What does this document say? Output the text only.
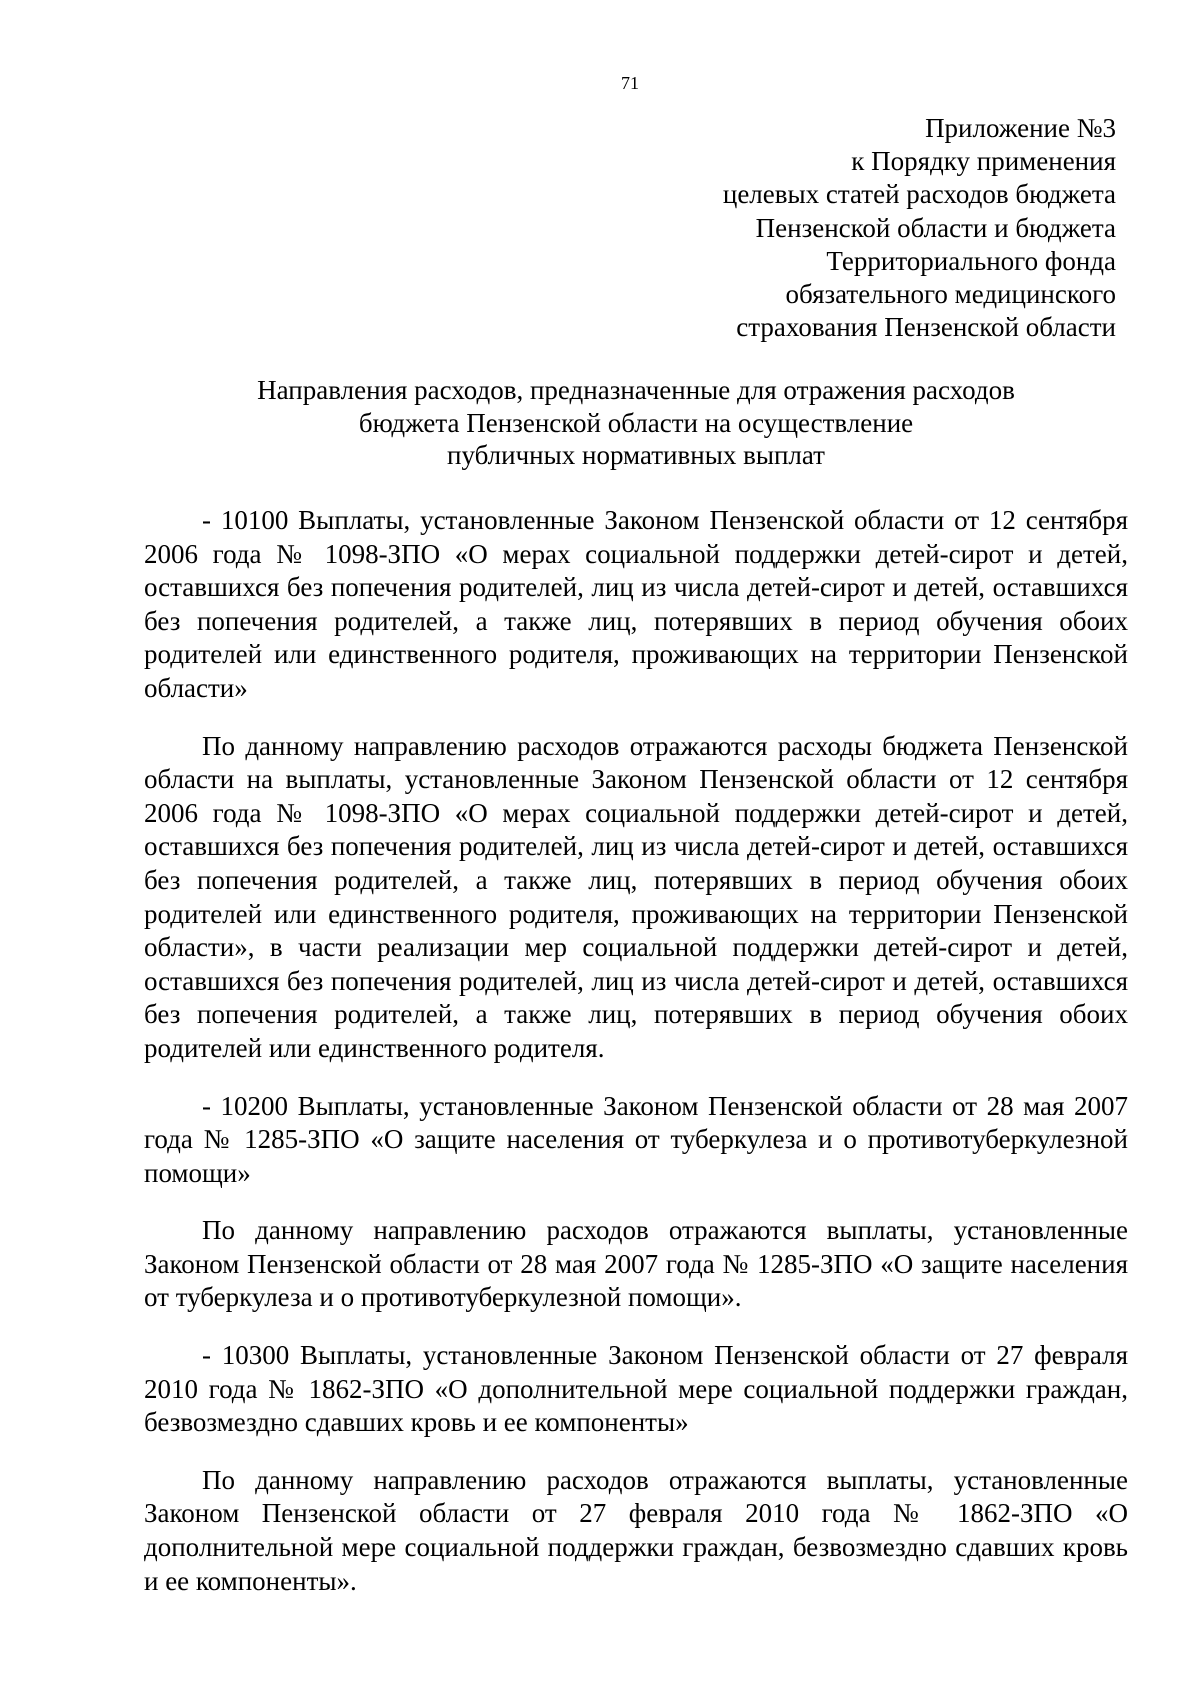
71
Приложение №3
к Порядку применения
целевых статей расходов бюджета
Пензенской области и бюджета
Территориального фонда
обязательного медицинского
страхования Пензенской области
Направления расходов, предназначенные для отражения расходов
бюджета Пензенской области на осуществление
публичных нормативных выплат

- 10100 Выплаты, установленные Законом Пензенской области от 12 сентября 2006 года № 1098-ЗПО «О мерах социальной поддержки детей-сирот и детей, оставшихся без попечения родителей, лиц из числа детей-сирот и детей, оставшихся без попечения родителей, а также лиц, потерявших в период обучения обоих родителей или единственного родителя, проживающих на территории Пензенской области»

По данному направлению расходов отражаются расходы бюджета Пензенской области на выплаты, установленные Законом Пензенской области от 12 сентября 2006 года № 1098-ЗПО «О мерах социальной поддержки детей-сирот и детей, оставшихся без попечения родителей, лиц из числа детей-сирот и детей, оставшихся без попечения родителей, а также лиц, потерявших в период обучения обоих родителей или единственного родителя, проживающих на территории Пензенской области», в части реализации мер социальной поддержки детей-сирот и детей, оставшихся без попечения родителей, лиц из числа детей-сирот и детей, оставшихся без попечения родителей, а также лиц, потерявших в период обучения обоих родителей или единственного родителя.

- 10200 Выплаты, установленные Законом Пензенской области от 28 мая 2007 года № 1285-ЗПО «О защите населения от туберкулеза и о противотуберкулезной помощи»

По данному направлению расходов отражаются выплаты, установленные Законом Пензенской области от 28 мая 2007 года № 1285-ЗПО «О защите населения от туберкулеза и о противотуберкулезной помощи».

- 10300 Выплаты, установленные Законом Пензенской области от 27 февраля 2010 года № 1862-ЗПО «О дополнительной мере социальной поддержки граждан, безвозмездно сдавших кровь и ее компоненты»

По данному направлению расходов отражаются выплаты, установленные Законом Пензенской области от 27 февраля 2010 года № 1862-ЗПО «О дополнительной мере социальной поддержки граждан, безвозмездно сдавших кровь и ее компоненты».
